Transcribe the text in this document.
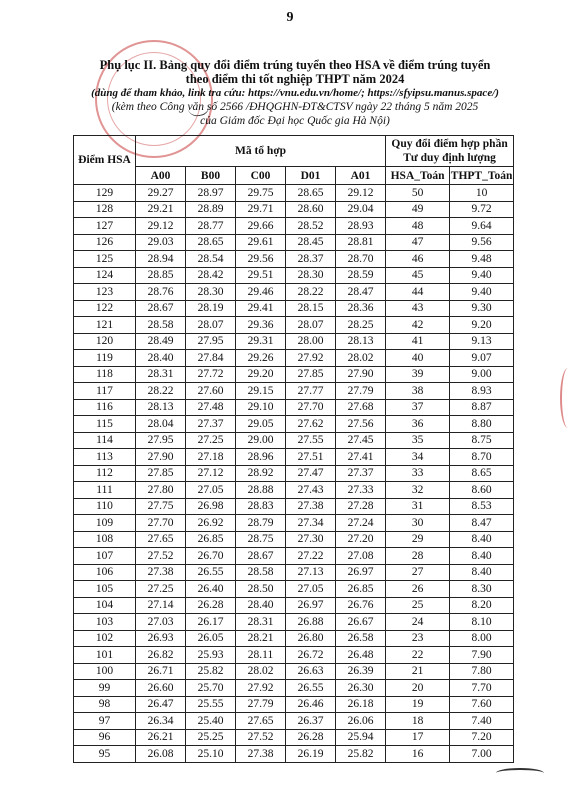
9
Phụ lục II. Bảng quy đổi điểm trúng tuyển theo HSA về điểm trúng tuyển
theo điểm thi tốt nghiệp THPT năm 2024
(dùng để tham khảo, link tra cứu: https://vnu.edu.vn/home/; https://sfyipsu.manus.space/)
(kèm theo Công văn số 2566 /ĐHQGHN-ĐT&CTSV ngày 22 tháng 5 năm 2025
của Giám đốc Đại học Quốc gia Hà Nội)
Điểm HSA	Mã tổ hợp					Quy đổi điểm hợp phần Tư duy định lượng	
	A00	B00	C00	D01	A01	HSA_Toán	THPT_Toán
129	29.27	28.97	29.75	28.65	29.12	50	10
128	29.21	28.89	29.71	28.60	29.04	49	9.72
127	29.12	28.77	29.66	28.52	28.93	48	9.64
126	29.03	28.65	29.61	28.45	28.81	47	9.56
125	28.94	28.54	29.56	28.37	28.70	46	9.48
124	28.85	28.42	29.51	28.30	28.59	45	9.40
123	28.76	28.30	29.46	28.22	28.47	44	9.40
122	28.67	28.19	29.41	28.15	28.36	43	9.30
121	28.58	28.07	29.36	28.07	28.25	42	9.20
120	28.49	27.95	29.31	28.00	28.13	41	9.13
119	28.40	27.84	29.26	27.92	28.02	40	9.07
118	28.31	27.72	29.20	27.85	27.90	39	9.00
117	28.22	27.60	29.15	27.77	27.79	38	8.93
116	28.13	27.48	29.10	27.70	27.68	37	8.87
115	28.04	27.37	29.05	27.62	27.56	36	8.80
114	27.95	27.25	29.00	27.55	27.45	35	8.75
113	27.90	27.18	28.96	27.51	27.41	34	8.70
112	27.85	27.12	28.92	27.47	27.37	33	8.65
111	27.80	27.05	28.88	27.43	27.33	32	8.60
110	27.75	26.98	28.83	27.38	27.28	31	8.53
109	27.70	26.92	28.79	27.34	27.24	30	8.47
108	27.65	26.85	28.75	27.30	27.20	29	8.40
107	27.52	26.70	28.67	27.22	27.08	28	8.40
106	27.38	26.55	28.58	27.13	26.97	27	8.40
105	27.25	26.40	28.50	27.05	26.85	26	8.30
104	27.14	26.28	28.40	26.97	26.76	25	8.20
103	27.03	26.17	28.31	26.88	26.67	24	8.10
102	26.93	26.05	28.21	26.80	26.58	23	8.00
101	26.82	25.93	28.11	26.72	26.48	22	7.90
100	26.71	25.82	28.02	26.63	26.39	21	7.80
99	26.60	25.70	27.92	26.55	26.30	20	7.70
98	26.47	25.55	27.79	26.46	26.18	19	7.60
97	26.34	25.40	27.65	26.37	26.06	18	7.40
96	26.21	25.25	27.52	26.28	25.94	17	7.20
95	26.08	25.10	27.38	26.19	25.82	16	7.00
